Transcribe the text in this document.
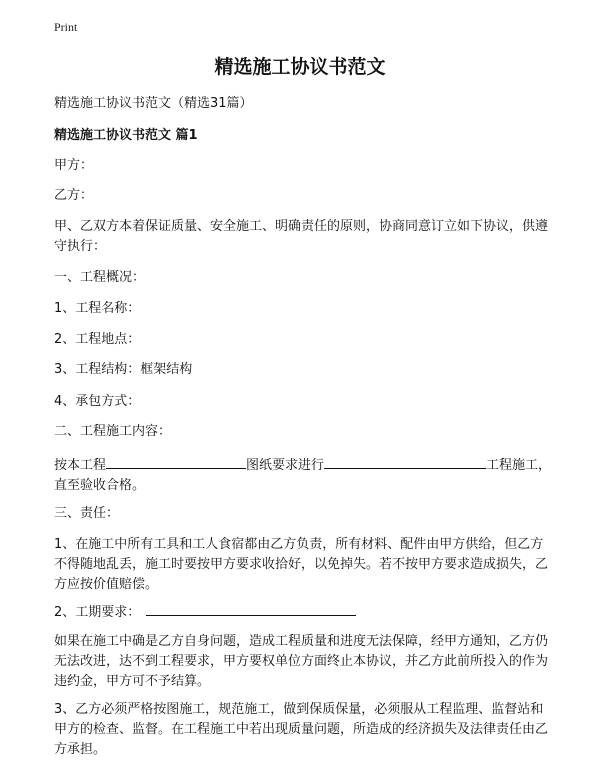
Print
精选施工协议书范文
精选施工协议书范文（精选31篇）
精选施工协议书范文 篇1
甲方：
乙方：
甲、乙双方本着保证质量、安全施工、明确责任的原则，协商同意订立如下协议，供遵守执行：
一、工程概况：
1、工程名称：
2、工程地点：
3、工程结构：框架结构
4、承包方式：
二、工程施工内容：
按本工程	图纸要求进行	工程施工，直至验收合格。
三、责任：
1、在施工中所有工具和工人食宿都由乙方负责，所有材料、配件由甲方供给，但乙方不得随地乱丢，施工时要按甲方要求收拾好，以免掉失。若不按甲方要求造成损失，乙方应按价值赔偿。
2、工期要求：
如果在施工中确是乙方自身问题，造成工程质量和进度无法保障，经甲方通知，乙方仍无法改进，达不到工程要求，甲方要权单位方面终止本协议，并乙方此前所投入的作为违约金，甲方可不予结算。
3、乙方必须严格按图施工，规范施工，做到保质保量，必须服从工程监理、监督站和甲方的检查、监督。在工程施工中若出现质量问题，所造成的经济损失及法律责任由乙方承担。
